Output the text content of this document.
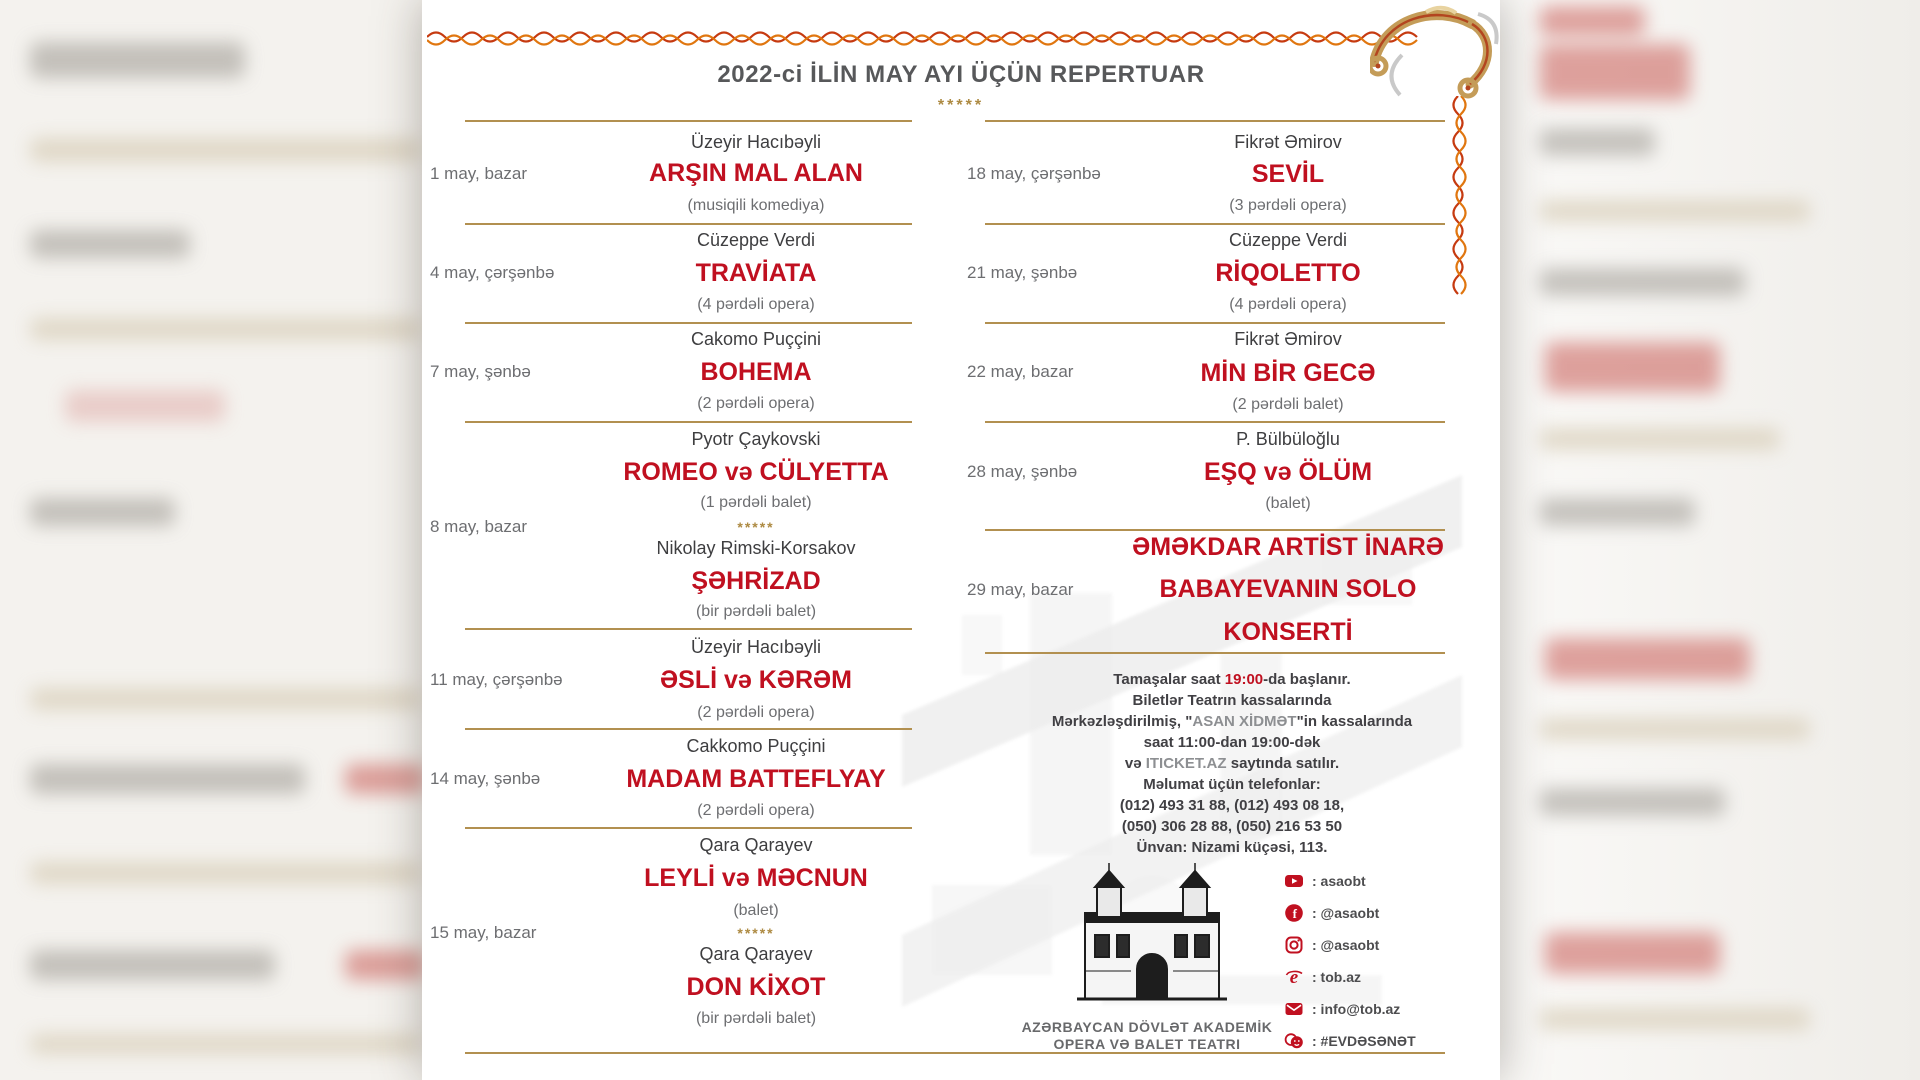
2022-ci İLİN MAY AYI ÜÇÜN REPERTUAR
*****
1 may, bazar
4 may, çərşənbə
7 may, şənbə
8 may, bazar
11 may, çərşənbə
14 may, şənbə
15 may, bazar
Üzeyir Hacıbəyli
ARŞIN MAL ALAN
(musiqili komediya)
Cüzeppe Verdi
TRAVİATA
(4 pərdəli opera)
Cakomo Puççini
BOHEMA
(2 pərdəli opera)
Pyotr Çaykovski
ROMEO və CÜLYETTA
(1 pərdəli balet)
*****
Nikolay Rimski-Korsakov
ŞƏHRİZAD
(bir pərdəli balet)
Üzeyir Hacıbəyli
ƏSLİ və KƏRƏM
(2 pərdəli opera)
Cakkomo Puççini
MADAM BATTEFLYAY
(2 pərdəli opera)
Qara Qarayev
LEYLİ və MƏCNUN
(balet)
*****
Qara Qarayev
DON KİXOT
(bir pərdəli balet)
18 may, çərşənbə
21 may, şənbə
22 may, bazar
28 may, şənbə
29 may, bazar
Fikrət Əmirov
SEVİL
(3 pərdəli opera)
Cüzeppe Verdi
RİQOLETTO
(4 pərdəli opera)
Fikrət Əmirov
MİN BİR GECƏ
(2 pərdəli balet)
P. Bülbüloğlu
EŞQ və ÖLÜM
(balet)
ƏMƏKDAR ARTİST İNARƏ
BABAYEVANIN SOLO
KONSERTİ
Tamaşalar saat 19:00-da başlanır.
Biletlər Teatrın kassalarında
Mərkəzləşdirilmiş, "ASAN XİDMƏT"in kassalarında
saat 11:00-dan 19:00-dək
və ITICKET.AZ saytında satılır.
Məlumat üçün telefonlar:
(012) 493 31 88, (012) 493 08 18,
(050) 306 28 88, (050) 216 53 50
Ünvan: Nizami küçəsi, 113.
: asaobt
f : @asaobt
: @asaobt
e : tob.az
: info@tob.az
: #EVDƏSƏNƏT
AZƏRBAYCAN DÖVLƏT AKADEMİK
OPERA VƏ BALET TEATRI
